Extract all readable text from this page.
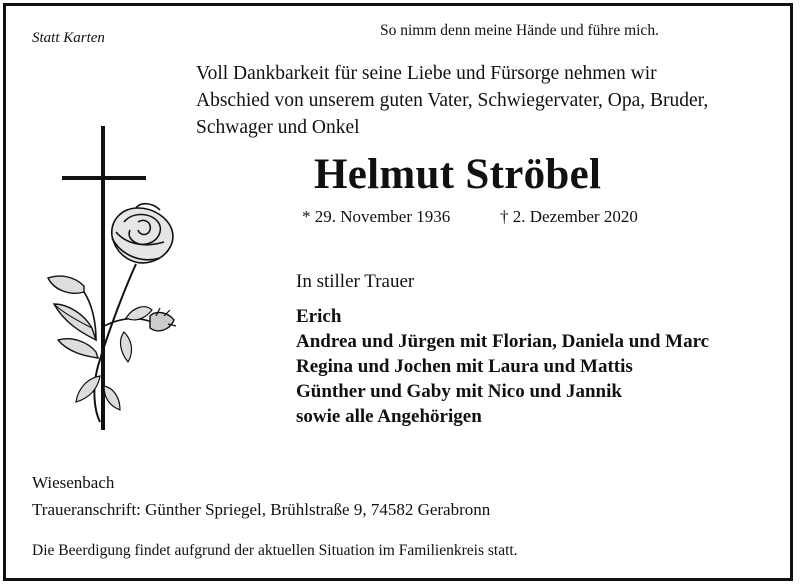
Statt Karten	So nimm denn meine Hände und führe mich.
Voll Dankbarkeit für seine Liebe und Fürsorge nehmen wir
Abschied von unserem guten Vater, Schwiegervater, Opa, Bruder,
Schwager und Onkel
Helmut Ströbel
* 29. November 1936	† 2. Dezember 2020
In stiller Trauer
Erich
Andrea und Jürgen mit Florian, Daniela und Marc
Regina und Jochen mit Laura und Mattis
Günther und Gaby mit Nico und Jannik
sowie alle Angehörigen
Wiesenbach
Traueranschrift: Günther Spriegel, Brühlstraße 9, 74582 Gerabronn
Die Beerdigung findet aufgrund der aktuellen Situation im Familienkreis statt.
